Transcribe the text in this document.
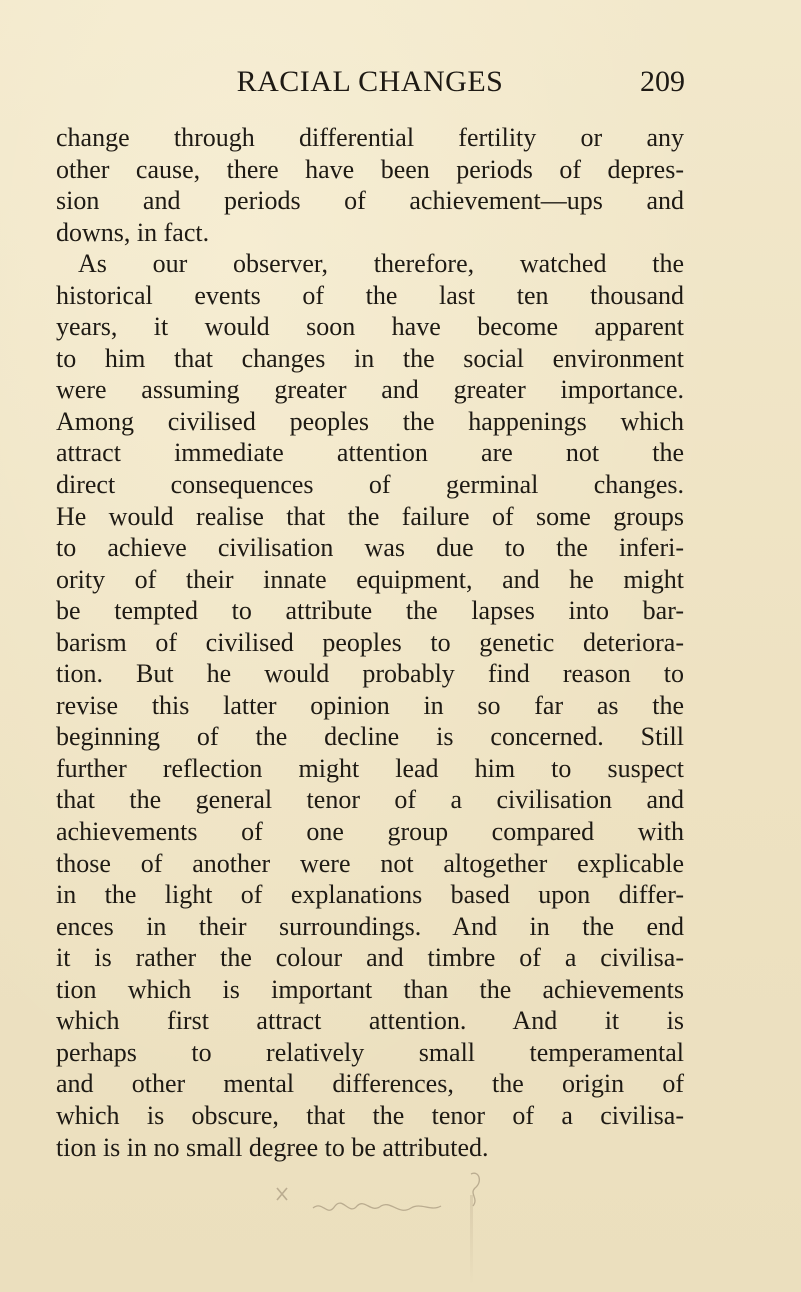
RACIAL CHANGES	209
change through differential fertility or any
other cause, there have been periods of depres-
sion and periods of achievement—ups and
downs, in fact.
As our observer, therefore, watched the
historical events of the last ten thousand
years, it would soon have become apparent
to him that changes in the social environment
were assuming greater and greater importance.
Among civilised peoples the happenings which
attract immediate attention are not the
direct consequences of germinal changes.
He would realise that the failure of some groups
to achieve civilisation was due to the inferi-
ority of their innate equipment, and he might
be tempted to attribute the lapses into bar-
barism of civilised peoples to genetic deteriora-
tion. But he would probably find reason to
revise this latter opinion in so far as the
beginning of the decline is concerned. Still
further reflection might lead him to suspect
that the general tenor of a civilisation and
achievements of one group compared with
those of another were not altogether explicable
in the light of explanations based upon differ-
ences in their surroundings. And in the end
it is rather the colour and timbre of a civilisa-
tion which is important than the achievements
which first attract attention. And it is
perhaps to relatively small temperamental
and other mental differences, the origin of
which is obscure, that the tenor of a civilisa-
tion is in no small degree to be attributed.
